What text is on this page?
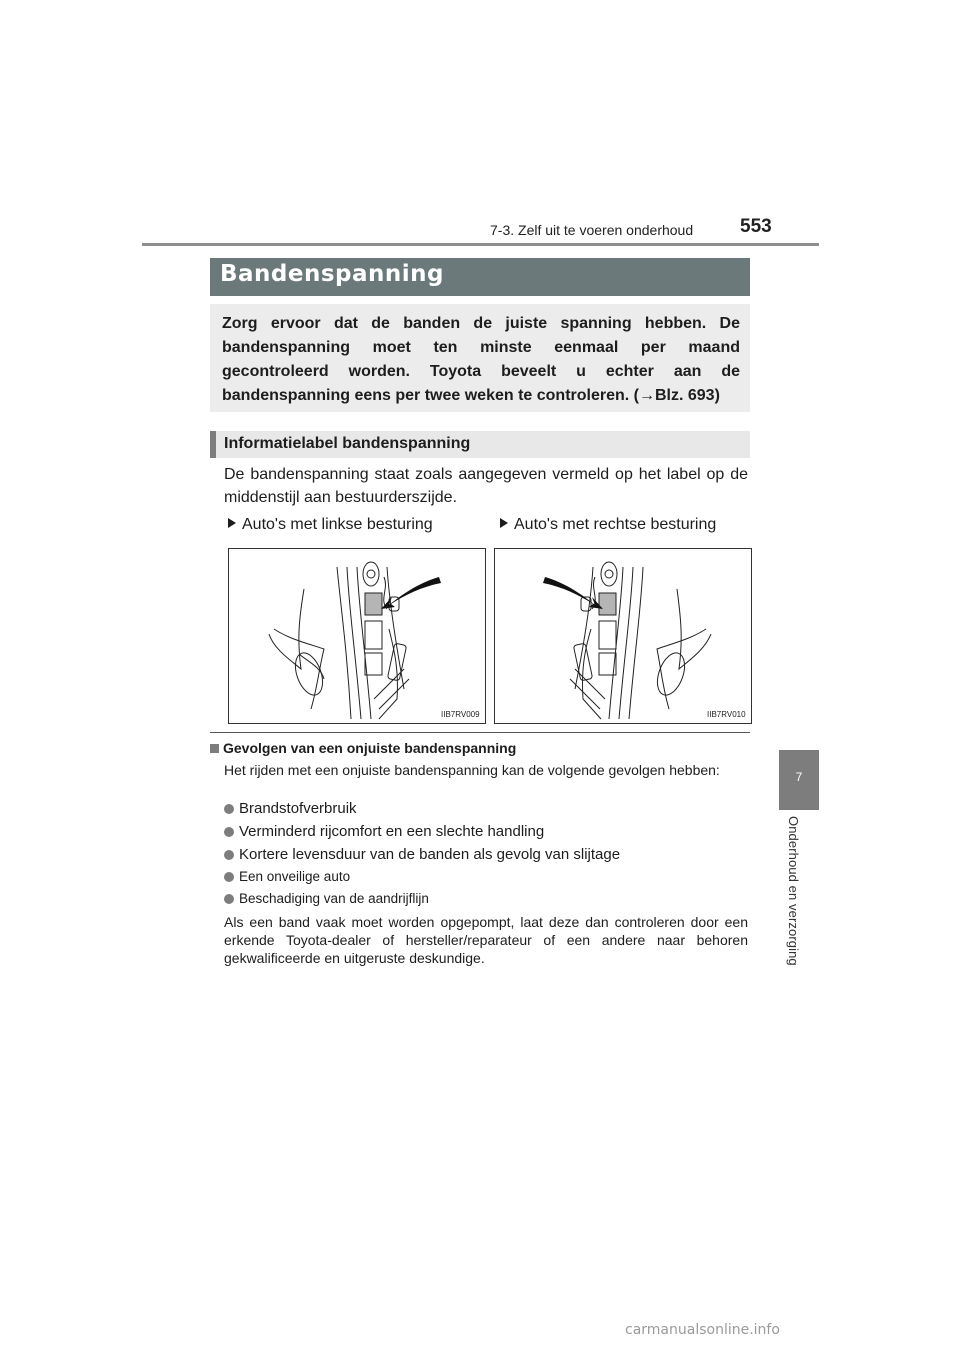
7-3. Zelf uit te voeren onderhoud 553
7
Onderhoud en verzorging
Bandenspanning
Zorg ervoor dat de banden de juiste spanning hebben. De bandenspanning moet ten minste eenmaal per maand gecontroleerd worden. Toyota beveelt u echter aan de bandenspanning eens per twee weken te controleren. (→Blz. 693)
Informatielabel bandenspanning
De bandenspanning staat zoals aangegeven vermeld op het label op de middenstijl aan bestuurderszijde.
Auto's met linkse besturing	Auto's met rechtse besturing
IIB7RV009	IIB7RV010
Gevolgen van een onjuiste bandenspanning
Het rijden met een onjuiste bandenspanning kan de volgende gevolgen hebben:
Brandstofverbruik
Verminderd rijcomfort en een slechte handling
Kortere levensduur van de banden als gevolg van slijtage
Een onveilige auto
Beschadiging van de aandrijflijn
Als een band vaak moet worden opgepompt, laat deze dan controleren door een erkende Toyota-dealer of hersteller/reparateur of een andere naar behoren gekwalificeerde en uitgeruste deskundige.
carmanualsonline.info
